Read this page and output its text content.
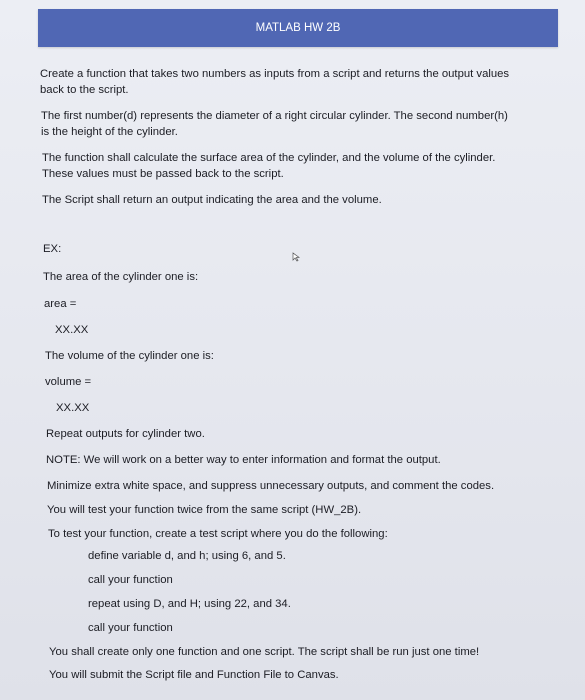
MATLAB HW 2B
Create a function that takes two numbers as inputs from a script and returns the output values
back to the script.
The first number(d) represents the diameter of a right circular cylinder. The second number(h)
is the height of the cylinder.
The function shall calculate the surface area of the cylinder, and the volume of the cylinder.
These values must be passed back to the script.
The Script shall return an output indicating the area and the volume.
EX:
The area of the cylinder one is:
area =
XX.XX
The volume of the cylinder one is:
volume =
XX.XX
Repeat outputs for cylinder two.
NOTE: We will work on a better way to enter information and format the output.
Minimize extra white space, and suppress unnecessary outputs, and comment the codes.
You will test your function twice from the same script (HW_2B).
To test your function, create a test script where you do the following:
define variable d, and h; using 6, and 5.
call your function
repeat using D, and H; using 22, and 34.
call your function
You shall create only one function and one script. The script shall be run just one time!
You will submit the Script file and Function File to Canvas.
